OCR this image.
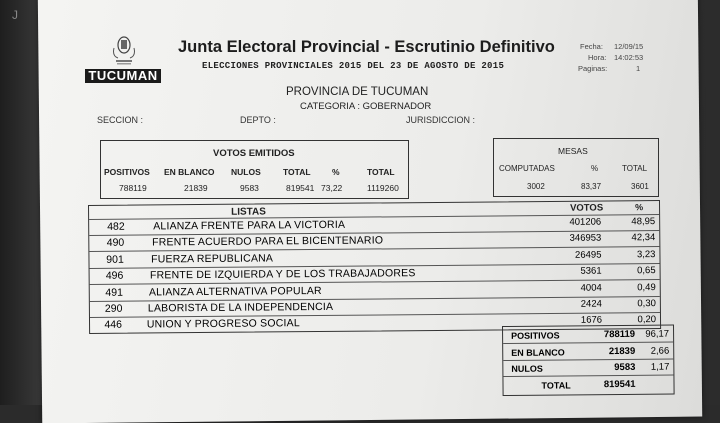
J
TUCUMAN
Junta Electoral Provincial - Escrutinio Definitivo
ELECCIONES PROVINCIALES 2015 DEL 23 DE AGOSTO DE 2015
Fecha: 12/09/15
Hora: 14:02:53
Paginas:	1
PROVINCIA DE TUCUMAN
CATEGORIA : GOBERNADOR
SECCION :	DEPTO :	JURISDICCION :
VOTOS EMITIDOS
POSITIVOS EN BLANCO NULOS	TOTAL	%	TOTAL
788119	21839	9583	819541 73,22	1119260
MESAS
COMPUTADAS	%	TOTAL
3002	83,37	3601
LISTAS	VOTOS	%
482	ALIANZA FRENTE PARA LA VICTORIA	401206	48,95
490	FRENTE ACUERDO PARA EL BICENTENARIO	346953	42,34
901	FUERZA REPUBLICANA	26495	3,23
496	FRENTE DE IZQUIERDA Y DE LOS TRABAJADORES	5361	0,65
491 ALIANZA ALTERNATIVA POPULAR	4004	0,49
290 LABORISTA DE LA INDEPENDENCIA	2424	0,30
446 UNION Y PROGRESO SOCIAL	1676	0,20
POSITIVOS	788119 96,17
EN BLANCO	21839 2,66
NULOS	9583 1,17
TOTAL	819541
